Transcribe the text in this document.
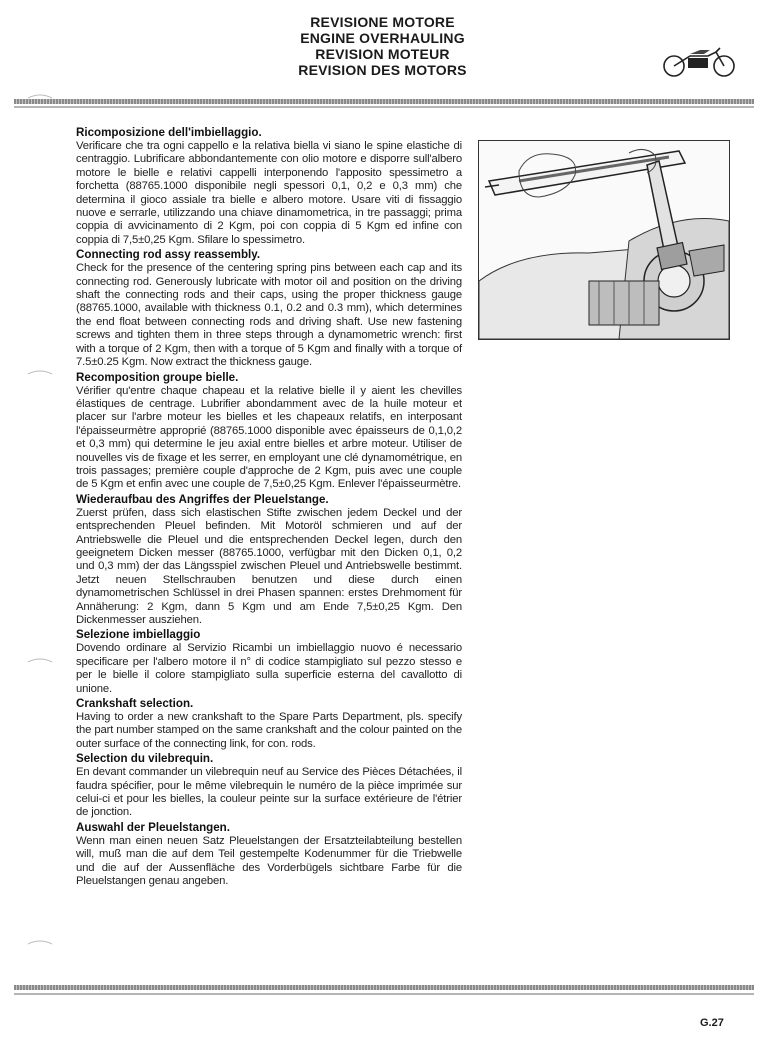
REVISIONE MOTORE
ENGINE OVERHAULING
REVISION MOTEUR
REVISION DES MOTORS
Ricomposizione dell'imbiellaggio.

Verificare che tra ogni cappello e la relativa biella vi siano le spine elastiche di centraggio. Lubrificare abbondantemente con olio motore e disporre sull'albero motore le bielle e relativi cappelli interponendo l'apposito spessimetro a forchetta (88765.1000 disponibile negli spessori 0,1, 0,2 e 0,3 mm) che determina il gioco assiale tra bielle e albero motore. Usare viti di fissaggio nuove e serrarle, utilizzando una chiave dinamometrica, in tre passaggi; prima coppia di avvicinamento di 2 Kgm, poi con coppia di 5 Kgm ed infine con coppia di 7,5±0,25 Kgm. Sfilare lo spessimetro.

Connecting rod assy reassembly.

Check for the presence of the centering spring pins between each cap and its connecting rod. Generously lubricate with motor oil and position on the driving shaft the connecting rods and their caps, using the proper thickness gauge (88765.1000, available with thickness 0.1, 0.2 and 0.3 mm), which determines the end float between connecting rods and driving shaft. Use new fastening screws and tighten them in three steps through a dynamometric wrench: first with a torque of 2 Kgm, then with a torque of 5 Kgm and finally with a torque of 7.5±0.25 Kgm. Now extract the thickness gauge.

Recomposition groupe bielle.

Vérifier qu'entre chaque chapeau et la relative bielle il y aient les chevilles élastiques de centrage. Lubrifier abondamment avec de la huile moteur et placer sur l'arbre moteur les bielles et les chapeaux relatifs, en interposant l'épaisseurmètre approprié (88765.1000 disponible avec épaisseurs de 0,1,0,2 et 0,3 mm) qui determine le jeu axial entre bielles et arbre moteur. Utiliser de nouvelles vis de fixage et les serrer, en employant une clé dynamométrique, en trois passages; première couple d'approche de 2 Kgm, puis avec une couple de 5 Kgm et enfin avec une couple de 7,5±0,25 Kgm. Enlever l'épaisseurmètre.

Wiederaufbau des Angriffes der Pleuelstange.

Zuerst prüfen, dass sich elastischen Stifte zwischen jedem Deckel und der entsprechenden Pleuel befinden. Mit Motoröl schmieren und auf der Antriebswelle die Pleuel und die entsprechenden Deckel legen, durch den geeignetem Dicken messer (88765.1000, verfügbar mit den Dicken 0,1, 0,2 und 0,3 mm) der das Längsspiel zwischen Pleuel und Antriebswelle bestimmt. Jetzt neuen Stellschrauben benutzen und diese durch einen dynamometrischen Schlüssel in drei Phasen spannen: erstes Drehmoment für Annäherung: 2 Kgm, dann 5 Kgm und am Ende 7,5±0,25 Kgm. Den Dickenmesser ausziehen.

Selezione imbiellaggio

Dovendo ordinare al Servizio Ricambi un imbiellaggio nuovo é necessario specificare per l'albero motore il n° di codice stampigliato sul pezzo stesso e per le bielle il colore stampigliato sulla superficie esterna del cavallotto di unione.

Crankshaft selection.

Having to order a new crankshaft to the Spare Parts Department, pls. specify the part number stamped on the same crankshaft and the colour painted on the outer surface of the connecting link, for con. rods.

Selection du vilebrequin.

En devant commander un vilebrequin neuf au Service des Pièces Détachées, il faudra spécifier, pour le même vilebrequin le numéro de la pièce imprimée sur celui-ci et pour les bielles, la couleur peinte sur la surface extérieure de l'étrier de jonction.

Auswahl der Pleuelstangen.

Wenn man einen neuen Satz Pleuelstangen der Ersatzteilabteilung bestellen will, muß man die auf dem Teil gestempelte Kodenummer für die Triebwelle und die auf der Aussenfläche des Vorderbügels sichtbare Farbe für die Pleuelstangen genau angeben.

G.27
